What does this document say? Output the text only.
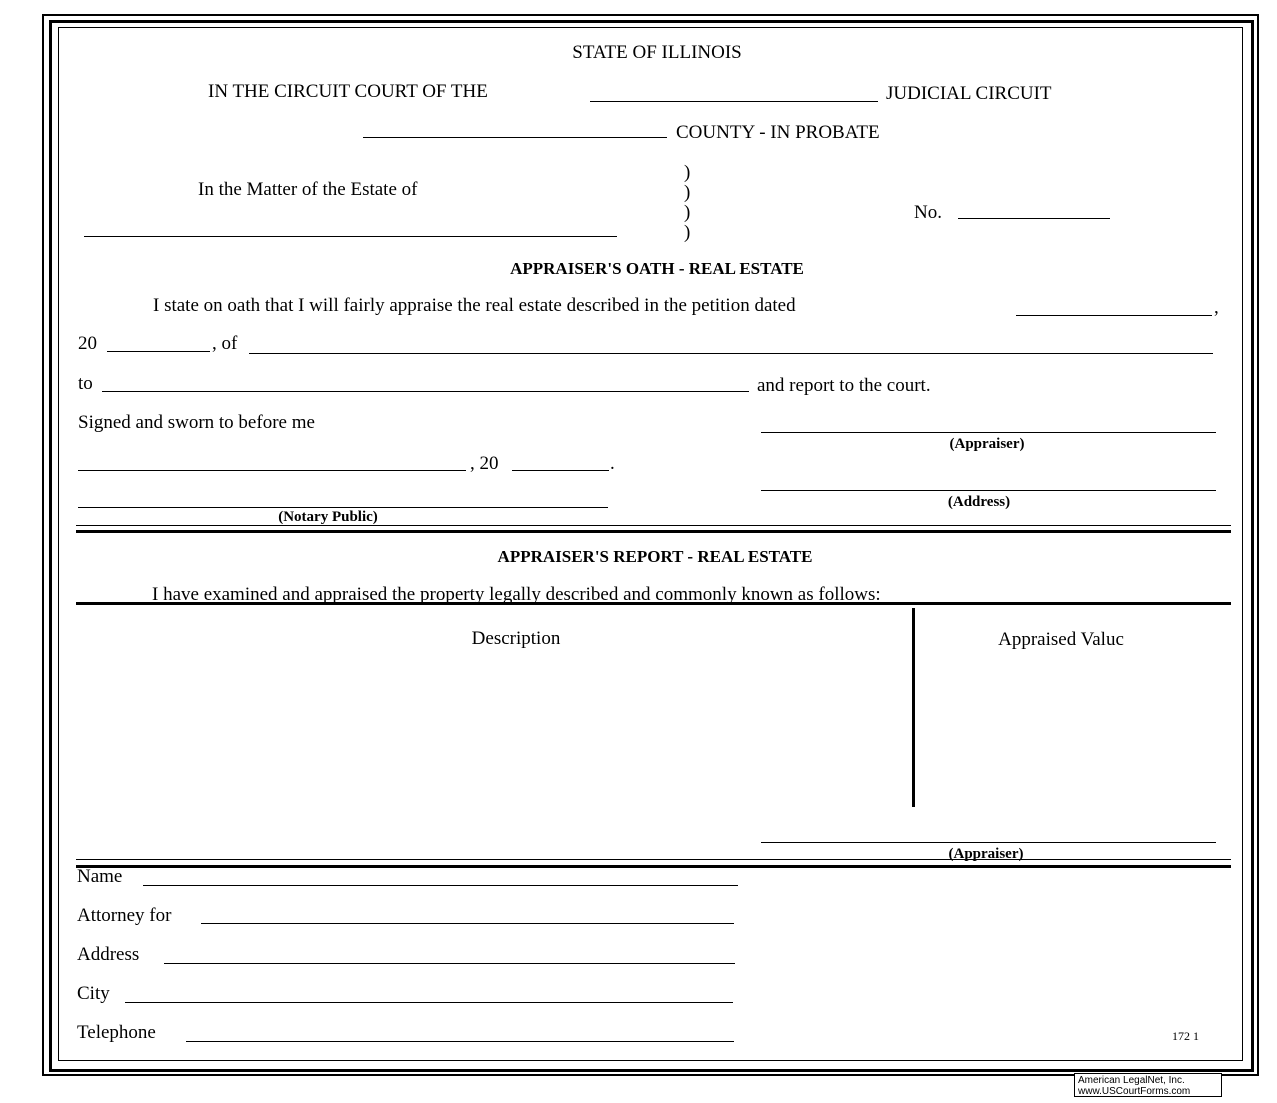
STATE OF ILLINOIS
IN THE CIRCUIT COURT OF THE	JUDICIAL CIRCUIT
COUNTY - IN PROBATE
In the Matter of the Estate of
)
)
)
)
No.
APPRAISER'S OATH - REAL ESTATE
I state on oath that I will fairly appraise the real estate described in the petition dated	,
20	, of
to	and report to the court.
Signed and sworn to before me
(Appraiser)
, 20	.
(Address)
(Notary Public)
APPRAISER'S REPORT - REAL ESTATE
I have examined and appraised the property legally described and commonly known as follows:
Description	Appraised Valuc
(Appraiser)
Name
Attorney for
Address
City
Telephone	172 1
American LegalNet, Inc.
www.USCourtForms.com
